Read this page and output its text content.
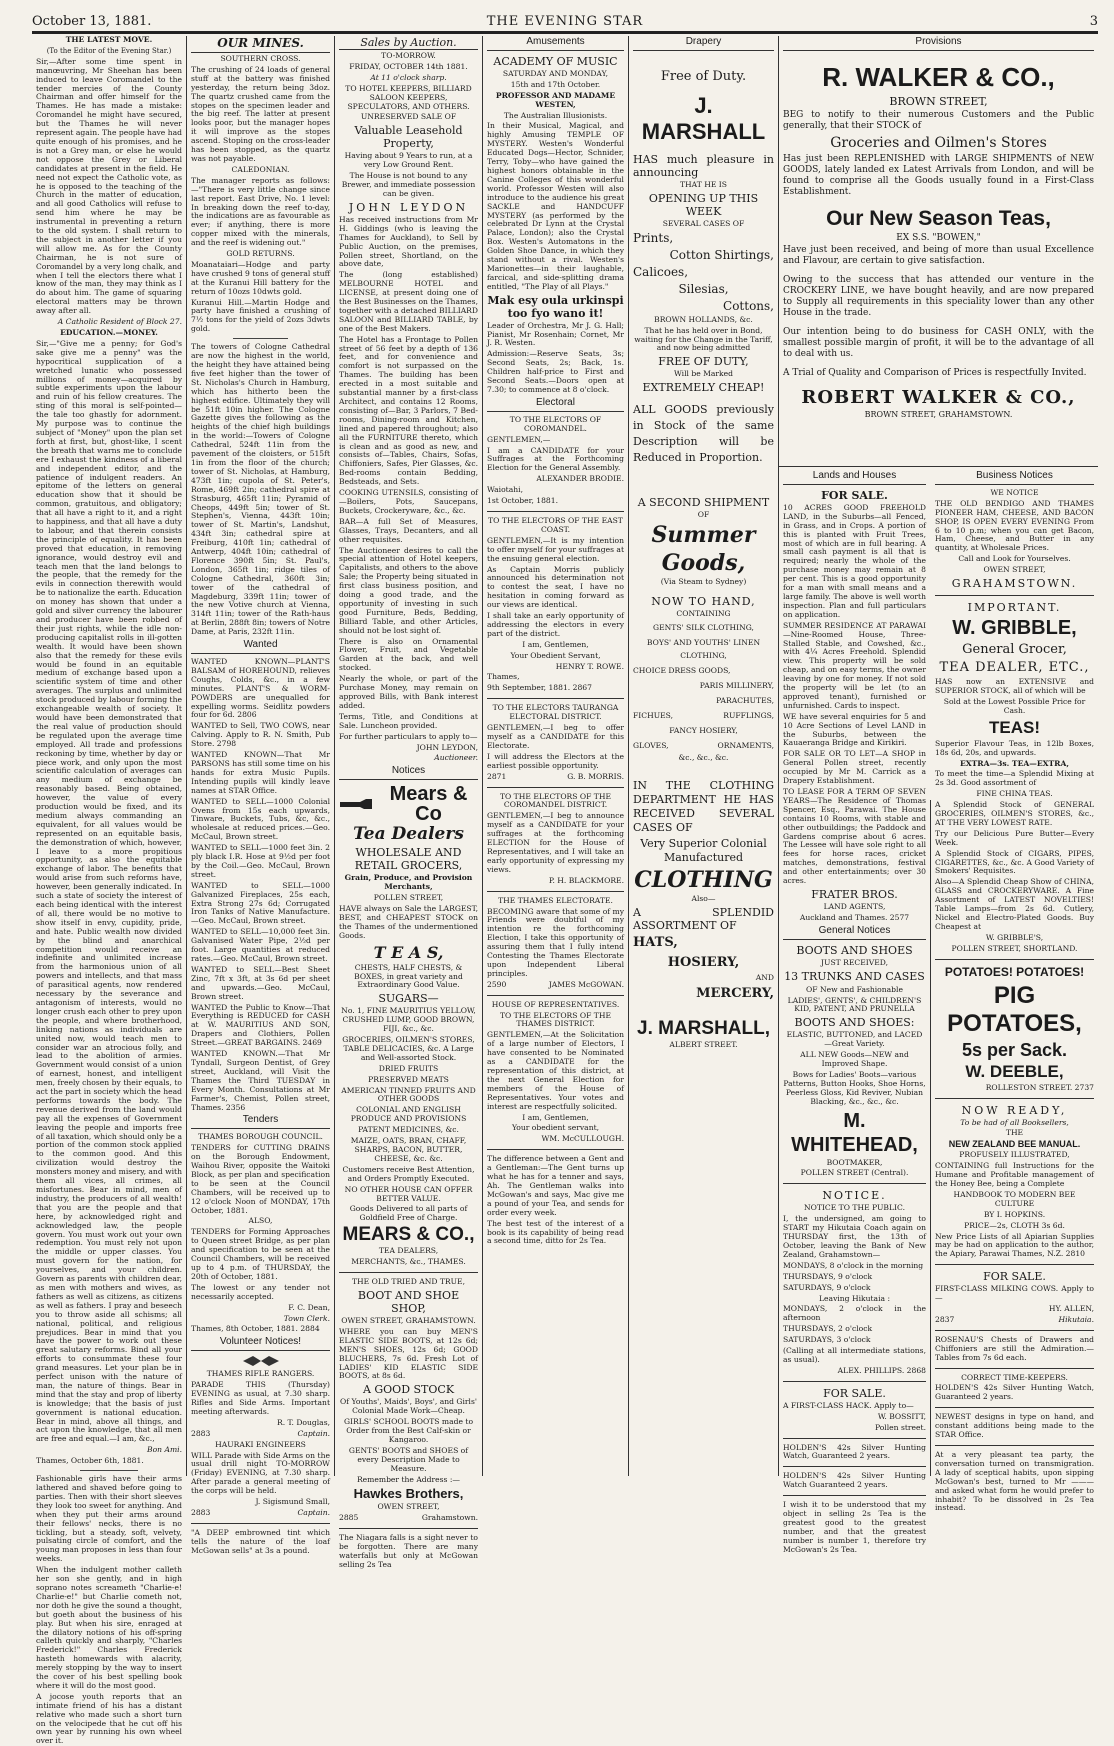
October 13, 1881.	THE EVENING STAR	3

THE LATEST MOVE.

(To the Editor of the Evening Star.)

Sir,—After some time spent in manœuvring, Mr Sheehan has been induced to leave Coromandel to the tender mercies of the County Chairman and offer himself for the Thames. He has made a mistake: Coromandel he might have secured, but the Thames he will never represent again. The people have had quite enough of his promises, and he is not a Grey man, or else he would not oppose the Grey or Liberal candidates at present in the field. He need not expect the Catholic vote, as he is opposed to the teaching of the Church in the matter of education, and all good Catholics will refuse to send him where he may be instrumental in preventing a return to the old system. I shall return to the subject in another letter if you will allow me. As for the County Chairman, he is not sure of Coromandel by a very long chalk, and when I tell the electors there what I know of the man, they may think as I do about him. The game of squaring electoral matters may be thrown away after all.

A Catholic Resident of Block 27.

EDUCATION.—MONEY.

Sir,—"Give me a penny; for God's sake give me a penny" was the hypocritical supplication of a wretched lunatic who possessed millions of money—acquired by subtle experiments upon the labour and ruin of his fellow creatures. The sting of this moral is self-pointed—the tale too ghastly for adornment. My purpose was to continue the subject of "Money" upon the plan set forth at first, but, ghost-like, I scent the breath that warns me to conclude ere I exhaust the kindness of a liberal and independent editor, and the patience of indulgent readers. An epitome of the letters on general education show that it should be common, gratuitous, and obligatory; that all have a right to it, and a right to happiness, and that all have a duty to labour, and that therein consists the principle of equality. It has been proved that education, in removing ignorance, would destroy evil and teach men that the land belongs to the people, that the remedy for the evils in connection therewith would be to nationalize the earth. Education on money has shown that under a gold and silver currency the labourer and producer have been robbed of their just rights, while the idle non-producing capitalist rolls in ill-gotten wealth. It would have been shown also that the remedy for these evils would be found in an equitable medium of exchange based upon a scientific system of time and other averages. The surplus and unlimited stock produced by labour forming the exchangeable wealth of society. It would have been demonstrated that the real value of production should be regulated upon the average time employed. All trade and professions reckoning by time, whether by day or piece work, and only upon the most scientific calculation of averages can any medium of exchange be reasonably based. Being obtained, however, the value of every production would be fixed, and its medium always commanding an equivalent, for all values would be represented on an equitable basis, the demonstration of which, however, I leave to a more propitious opportunity, as also the equitable exchange of labor. The benefits that would arise from such reforms have, however, been generally indicated. In such a state of society the interest of each being identical with the interest of all, there would be no motive to show itself in envy, cupidity, pride, and hate. Public wealth now divided by the blind and anarchical competition would receive an indefinite and unlimited increase from the harmonious union of all powers and intellects, and that mass of parasitical agents, now rendered necessary by the severance and antagonism of interests, would no longer crush each other to prey upon the people, and where brotherhood, linking nations as individuals are united now, would teach men to consider war an atrocious folly, and lead to the abolition of armies. Government would consist of a union of earnest, honest, and intelligent men, freely chosen by their equals, to act the part in society which the head performs towards the body. The revenue derived from the land would pay all the expenses of Government leaving the people and imports free of all taxation, which should only be a portion of the common stock applied to the common good. And this civilization would destroy the monsters money and misery, and with them all vices, all crimes, all misfortunes. Bear in mind, men of industry, the producers of all wealth! that you are the people and that here, by acknowledged right and acknowledged law, the people govern. You must work out your own redemption. You must rely not upon the middle or upper classes. You must govern for the nation, for yourselves, and your children. Govern as parents with children dear, as men with mothers and wives, as fathers as well as citizens, as citizens as well as fathers. I pray and beseech you to throw aside all schisms; all national, political, and religious prejudices. Bear in mind that you have the power to work out these great salutary reforms. Bind all your efforts to consummate these four grand measures. Let your plan be in perfect unison with the nature of man, the nature of things. Bear in mind that the stay and prop of liberty is knowledge; that the basis of just government is national education. Bear in mind, above all things, and act upon the knowledge, that all men are free and equal.—I am, &c.,

Bon Ami.

Thames, October 6th, 1881.

Fashionable girls have their arms lathered and shaved before going to parties. Then with their short sleeves they look too sweet for anything. And when they put their arms around their fellows' necks, there is no tickling, but a steady, soft, velvety, pulsating circle of comfort, and the young man proposes in less than four weeks.

When the indulgent mother calleth her son she gently, and in high soprano notes screameth "Charlie-e! Charlie-e!" but Charlie cometh not, nor doth he give the sound a thought, but goeth about the business of his play. But when his sire, enraged at the dilatory notions of his off-spring calleth quickly and sharply, "Charles Frederick!" Charles Frederick hasteth homewards with alacrity, merely stopping by the way to insert the cover of his best spelling book where it will do the most good.

A jocose youth reports that an intimate friend of his has a distant relative who made such a short turn on the velocipede that he cut off his own year by running his own wheel over it.

OUR MINES.

SOUTHERN CROSS.

The crushing of 24 loads of general stuff at the battery was finished yesterday, the return being 3doz. The quartz crushed came from the stopes on the specimen leader and the big reef. The latter at present looks poor, but the manager hopes it will improve as the stopes ascend. Stoping on the cross-leader has been stopped, as the quartz was not payable.

CALEDONIAN.

The manager reports as follows:—"There is very little change since last report. East Drive, No. 1 level: In breaking down the reef to-day, the indications are as favourable as ever; if anything, there is more copper mixed with the minerals, and the reef is widening out."

GOLD RETURNS.

Moanataiari—Hodge and party have crushed 9 tons of general stuff at the Kuranui Hill battery for the return of 10ozs 10dwts gold.

Kuranui Hill.—Martin Hodge and party have finished a crushing of 7½ tons for the yield of 2ozs 3dwts gold.

The towers of Cologne Cathedral are now the highest in the world, the height they have attained being five feet higher than the tower of St. Nicholas's Church in Hamburg, which has hitherto been the highest edifice. Ultimately they will be 51ft 10in higher. The Cologne Gazette gives the following as the heights of the chief high buildings in the world:—Towers of Cologne Cathedral, 524ft 11in from the pavement of the cloisters, or 515ft 1in from the floor of the church; tower of St. Nicholas, at Hamburg, 473ft 1in; cupola of St. Peter's, Rome, 469ft 2in; cathedral spire at Strasburg, 465ft 11in; Pyramid of Cheops, 449ft 5in; tower of St. Stephen's, Vienna, 443ft 10in; tower of St. Martin's, Landshut, 434ft 3in; cathedral spire at Freiburg, 410ft 1in; cathedral of Antwerp, 404ft 10in; cathedral of Florence 390ft 5in; St. Paul's, London, 365ft 1in; ridge tiles of Cologne Cathedral, 360ft 3in; tower of the cathedral of Magdeburg, 339ft 11in; tower of the new Votive church at Vienna, 314ft 11in; tower of the Rath-haus at Berlin, 288ft 8in; towers of Notre Dame, at Paris, 232ft 11in.

Wanted

WANTED KNOWN—PLANT'S BALSAM of HOREHOUND, relieves Coughs, Colds, &c., in a few minutes. PLANT'S & WORM-POWDERS are unequalled for expelling worms. Seidlitz powders four for 6d. 2806

WANTED to Sell, TWO COWS, near Calving. Apply to R. N. Smith, Pub Store. 2798

WANTED KNOWN—That Mr PARSONS has still some time on his hands for extra Music Pupils. Intending pupils will kindly leave names at STAR Office.

WANTED to SELL—1000 Colonial Ovens from 15s each upwards, Tinware, Buckets, Tubs, &c, &c., wholesale at reduced prices.—Geo. McCaul, Brown street.

WANTED to SELL—1000 feet 3in. 2 ply black I.R. Hose at 9½d per foot by the Coil.—Geo. McCaul, Brown street.

WANTED to SELL—1000 Galvanized Fireplaces, 25s each, Extra Strong 27s 6d; Corrugated Iron Tanks of Native Manufacture.—Geo. McCaul, Brown street.

WANTED to SELL—10,000 feet 3in. Galvanised Water Pipe, 2½d per foot. Large quantities at reduced rates.—Geo. McCaul, Brown street.

WANTED to SELL—Best Sheet Zinc, 7ft x 3ft, at 3s 6d per sheet and upwards.—Geo. McCaul, Brown street.

WANTED the Public to Know—That Everything is REDUCED for CASH at W. MAURITIUS AND SON, Drapers and Clothiers, Pollen Street.—GREAT BARGAINS. 2469

WANTED KNOWN.—That Mr Tyndall, Surgeon Dentist, of Grey street, Auckland, will Visit the Thames the Third TUESDAY in Every Month. Consultations at Mr Farmer's, Chemist, Pollen street, Thames. 2356

Tenders

THAMES BOROUGH COUNCIL.

TENDERS for CUTTING DRAINS on the Borough Endowment, Waihou River, opposite the Waitoki Block, as per plan and specification to be seen at the Council Chambers, will be received up to 12 o'clock Noon of MONDAY, 17th October, 1881.

ALSO,

TENDERS for Forming Approaches to Queen street Bridge, as per plan and specification to be seen at the Council Chambers, will be received up to 4 p.m. of THURSDAY, the 20th of October, 1881.

The lowest or any tender not necessarily accepted.

F. C. Dean,

Town Clerk.

Thames, 8th October, 1881. 2884

Volunteer Notices!

THAMES RIFLE RANGERS.

PARADE THIS (Thursday) EVENING as usual, at 7.30 sharp. Rifles and Side Arms. Important meeting afterwards.

R. T. Douglas,

2883	Captain.

HAURAKI ENGINEERS

WILL Parade with Side Arms on the usual drill night TO-MORROW (Friday) EVENING, at 7.30 sharp. After parade a general meeting of the corps will be held.

J. Sigismund Small,

2883	Captain.

"A DEEP embrowned tint which tells the nature of the loaf McGowan sells" at 3s a pound.

Sales by Auction.

TO-MORROW.

FRIDAY, OCTOBER 14th 1881.

At 11 o'clock sharp.

TO HOTEL KEEPERS, BILLIARD SALOON KEEPERS, SPECULATORS, AND OTHERS.

UNRESERVED SALE OF

Valuable Leasehold Property,

Having about 9 Years to run, at a very Low Ground Rent.

The House is not bound to any Brewer, and immediate possession can be given.

JOHN LEYDON

Has received instructions from Mr H. Giddings (who is leaving the Thames for Auckland), to Sell by Public Auction, on the premises, Pollen street, Shortland, on the above date,

The (long established) MELBOURNE HOTEL and LICENSE, at present doing one of the Best Businesses on the Thames, together with a detached BILLIARD SALOON and BILLIARD TABLE, by one of the Best Makers.

The Hotel has a Frontage to Pollen street of 56 feet by a depth of 136 feet, and for convenience and comfort is not surpassed on the Thames. The building has been erected in a most suitable and substantial manner by a first-class Architect, and contains 12 Rooms, consisting of—Bar, 3 Parlors, 7 Bed-rooms, Dining-room and Kitchen, lined and papered throughout; also all the FURNITURE thereto, which is clean and as good as new, and consists of—Tables, Chairs, Sofas, Chiffoniers, Safes, Pier Glasses, &c. Bed-rooms contain Bedding, Bedsteads, and Sets.

COOKING UTENSILS, consisting of—Boilers, Pots, Saucepans, Buckets, Crockeryware, &c., &c.

BAR—A full Set of Measures, Glasses, Trays, Decanters, and all other requisites.

The Auctioneer desires to call the special attention of Hotel keepers, Capitalists, and others to the above Sale; the Property being situated in first class business position, and doing a good trade, and the opportunity of investing in such good Furniture, Beds, Bedding, Billiard Table, and other Articles, should not be lost sight of.

There is also on Ornamental Flower, Fruit, and Vegetable Garden at the back, and well stocked.

Nearly the whole, or part of the Purchase Money, may remain on approved Bills, with Bank interest added.

Terms, Title, and Conditions at Sale. Luncheon provided.

For further particulars to apply to—

JOHN LEYDON,

Auctioneer.

Notices
Mears & Co

Tea Dealers

WHOLESALE AND RETAIL GROCERS,

Grain, Produce, and Provision Merchants,

POLLEN STREET,

HAVE always on Sale the LARGEST, BEST, and CHEAPEST STOCK on the Thames of the undermentioned Goods.

T E A S,

CHESTS, HALF CHESTS, & BOXES, in great variety and Extraordinary Good Value.

SUGARS—

No. 1, FINE MAURITIUS YELLOW, CRUSHED LUMP, GOOD BROWN, FIJI, &c., &c.

GROCERIES, OILMEN'S STORES, TABLE DELICACIES, &c. A Large and Well-assorted Stock.

DRIED FRUITS

PRESERVED MEATS

AMERICAN TINNED FRUITS AND OTHER GOODS

COLONIAL AND ENGLISH PRODUCE AND PROVISIONS

PATENT MEDICINES, &c.

MAIZE, OATS, BRAN, CHAFF, SHARPS, BACON, BUTTER, CHEESE, &c. &c.

Customers receive Best Attention, and Orders Promptly Executed.

NO OTHER HOUSE CAN OFFER BETTER VALUE.

Goods Delivered to all parts of Goldfield Free of Charge.

MEARS & CO.,

TEA DEALERS,

MERCHANTS, &c., THAMES.

THE OLD TRIED AND TRUE,

BOOT AND SHOE SHOP,

OWEN STREET, GRAHAMSTOWN.

WHERE you can buy MEN'S ELASTIC SIDE BOOTS, at 12s 6d; MEN'S SHOES, 12s 6d; GOOD BLUCHERS, 7s 6d. Fresh Lot of LADIES' KID ELASTIC SIDE BOOTS, at 8s 6d.

A GOOD STOCK

Of Youths', Maids', Boys', and Girls' Colonial Made Work—Cheap.

GIRLS' SCHOOL BOOTS made to Order from the Best Calf-skin or Kangaroo.

GENTS' BOOTS and SHOES of every Description Made to Measure.

Remember the Address :—

Hawkes Brothers,

OWEN STREET,

2885	Grahamstown.

The Niagara falls is a sight never to be forgotten. There are many waterfalls but only at McGowan selling 2s Tea

Amusements

ACADEMY OF MUSIC

SATURDAY AND MONDAY,

15th and 17th October.

PROFESSOR AND MADAME WESTEN,

The Australian Illusionists.

In their Musical, Magical, and highly Amusing TEMPLE OF MYSTERY. Westen's Wonderful Educated Dogs—Hector, Schnider, Terry, Toby—who have gained the highest honors obtainable in the Canine Colleges of this wonderful world. Professor Westen will also introduce to the audience his great SACKLE and HANDCUFF MYSTERY (as performed by the celebrated Dr Lynn at the Crystal Palace, London); also the Crystal Box. Westen's Automatons in the Golden Shoe Dance, in which they stand without a rival. Westen's Marionettes—in their laughable, farcical, and side-splitting drama entitled, "The Play of all Plays."

Mak esy oula urkinspi too fyo wano it!

Leader of Orchestra, Mr J. G. Hall; Pianist, Mr Rosenhain; Cornet, Mr J. R. Westen.

Admission:—Reserve Seats, 3s; Second Seats, 2s; Back, 1s. Children half-price to First and Second Seats.—Doors open at 7.30; to commence at 8 o'clock.

Electoral

TO THE ELECTORS OF COROMANDEL.

GENTLEMEN,—

I am a CANDIDATE for your Suffrages at the Forthcoming Election for the General Assembly.

ALEXANDER BRODIE.

Waiotahi,

1st October, 1881.

TO THE ELECTORS OF THE EAST COAST.

GENTLEMEN,—It is my intention to offer myself for your suffrages at the ensuing general election.

As Captain Morris publicly announced his determination not to contest the seat, I have no hesitation in coming forward as our views are identical.

I shall take an early opportunity of addressing the electors in every part of the district.

I am, Gentlemen,

Your Obedient Servant,

HENRY T. ROWE.

Thames,

9th September, 1881. 2867

TO THE ELECTORS TAURANGA ELECTORAL DISTRICT.

GENTLEMEN,—I beg to offer myself as a CANDIDATE for this Electorate.

I will address the Electors at the earliest possible opportunity.

2871	G. B. MORRIS.

TO THE ELECTORS OF THE COROMANDEL DISTRICT.

GENTLEMEN,—I beg to announce myself as a CANDIDATE for your suffrages at the forthcoming ELECTION for the House of Representatives, and I will take an early opportunity of expressing my views.

P. H. BLACKMORE.

THE THAMES ELECTORATE.

BECOMING aware that some of my Friends were doubtful of my intention re the forthcoming Election, I take this opportunity of assuring them that I fully intend Contesting the Thames Electorate upon Independent Liberal principles.

2590	JAMES McGOWAN.

HOUSE OF REPRESENTATIVES.

TO THE ELECTORS OF THE THAMES DISTRICT.

GENTLEMEN,—At the Solicitation of a large number of Electors, I have consented to be Nominated as a CANDIDATE for the representation of this district, at the next General Election for members of the House of Representatives. Your votes and interest are respectfully solicited.

I am, Gentlemen,

Your obedient servant,

WM. McCULLOUGH.

The difference between a Gent and a Gentleman:—The Gent turns up what he has for a tenner and says, Ah. The Gentleman walks into McGowan's and says, Mac give me a pound of your Tea, and sends for order every week.

The best test of the interest of a book is its capability of being read a second time, ditto for 2s Tea.

Drapery

Free of Duty.

J. MARSHALL

HAS much pleasure in announcing

THAT HE IS

OPENING UP THIS WEEK

SEVERAL CASES OF

Prints,

Cotton Shirtings,

Calicoes,

Silesias,

Cottons,

BROWN HOLLANDS, &c.

That he has held over in Bond, waiting for the Change in the Tariff, and now being admitted

FREE OF DUTY,

Will be Marked

EXTREMELY CHEAP!

ALL GOODS previously in Stock of the same Description will be Reduced in Proportion.

A SECOND SHIPMENT

OF

Summer

Goods,

(Via Steam to Sydney)

NOW TO HAND,

CONTAINING

GENTS' SILK CLOTHING,

BOYS' AND YOUTHS' LINEN CLOTHING,

CHOICE DRESS GOODS,

PARIS MILLINERY,

PARACHUTES,

FICHUES,	RUFFLINGS,

FANCY HOSIERY,

GLOVES,	ORNAMENTS,

&c., &c., &c.

IN THE CLOTHING DEPARTMENT HE HAS RECEIVED SEVERAL CASES OF

Very Superior Colonial Manufactured

CLOTHING

Also—

A SPLENDID ASSORTMENT OF

HATS,

HOSIERY,

AND

MERCERY,

J. MARSHALL,

ALBERT STREET.

Provisions

R. WALKER & CO.,

BROWN STREET,

BEG to notify to their numerous Customers and the Public generally, that their STOCK of

Groceries and Oilmen's Stores

Has just been REPLENISHED with LARGE SHIPMENTS of NEW GOODS, lately landed ex Latest Arrivals from London, and will be found to comprise all the Goods usually found in a First-Class Establishment.

Our New Season Teas,

EX S.S. "BOWEN,"

Have just been received, and being of more than usual Excellence and Flavour, are certain to give satisfaction.

Owing to the success that has attended our venture in the CROCKERY LINE, we have bought heavily, and are now prepared to Supply all requirements in this speciality lower than any other House in the trade.

Our intention being to do business for CASH ONLY, with the smallest possible margin of profit, it will be to the advantage of all to deal with us.

A Trial of Quality and Comparison of Prices is respectfully Invited.

ROBERT WALKER & CO.,

BROWN STREET, GRAHAMSTOWN.

Lands and Houses

FOR SALE.

10 ACRES GOOD FREEHOLD LAND, in the Suburbs—all Fenced, in Grass, and in Crops. A portion of this is planted with Fruit Trees, most of which are in full bearing. A small cash payment is all that is required; nearly the whole of the purchase money may remain at 8 per cent. This is a good opportunity for a man with small means and a large family. The above is well worth inspection. Plan and full particulars on application.

SUMMER RESIDENCE AT PARAWAI—Nine-Roomed House, Three-Stalled Stable, and Cowshed, &c., with 4¼ Acres Freehold. Splendid view. This property will be sold cheap, and on easy terms, the owner leaving by one for money. If not sold the property will be let (to an approved tenant), furnished or unfurnished. Cards to inspect.

WE have several enquiries for 5 and 10 Acre Sections of Level LAND in the Suburbs, between the Kauaeranga Bridge and Kirikiri.

FOR SALE OR TO LET—A SHOP in General Pollen street, recently occupied by Mr M. Carrick as a Drapery Establishment.

TO LEASE FOR A TERM OF SEVEN YEARS—The Residence of Thomas Spencer, Esq., Parawai. The House contains 10 Rooms, with stable and other outbuildings; the Paddock and Gardens comprise about 6 acres. The Lessee will have sole right to all fees for horse races, cricket matches, demonstrations, festival and other entertainments; over 30 acres.

FRATER BROS.

LAND AGENTS,

Auckland and Thames. 2577

General Notices

BOOTS AND SHOES

JUST RECEIVED,

13 TRUNKS AND CASES

OF New and Fashionable

LADIES', GENTS', & CHILDREN'S KID, PATENT, AND PRUNELLA

BOOTS AND SHOES:

ELASTIC, BUTTONED, and LACED—Great Variety.

ALL NEW Goods—NEW and Improved Shape.

Bows for Ladies' Boots—various Patterns, Button Hooks, Shoe Horns, Peerless Gloss, Kid Reviver, Nubian Blacking, &c., &c., &c.

M. WHITEHEAD,

BOOTMAKER,

POLLEN STREET (Central).

NOTICE.

NOTICE TO THE PUBLIC.

I, the undersigned, am going to START my Hikutaia Coach again on THURSDAY first, the 13th of October, leaving the Bank of New Zealand, Grahamstown—

MONDAYS, 8 o'clock in the morning

THURSDAYS, 9 o'clock

SATURDAYS, 9 o'clock

Leaving Hikutaia :

MONDAYS, 2 o'clock in the afternoon

THURSDAYS, 2 o'clock

SATURDAYS, 3 o'clock

(Calling at all intermediate stations, as usual).

ALEX. PHILLIPS. 2868

FOR SALE.

A FIRST-CLASS HACK. Apply to—

W. BOSSITT,

Pollen street.

HOLDEN'S 42s Silver Hunting Watch, Guaranteed 2 years.

HOLDEN'S 42s Silver Hunting Watch Guaranteed 2 years.

I wish it to be understood that my object in selling 2s Tea is the greatest good to the greatest number, and that the greatest number is number 1, therefore try McGowan's 2s Tea.

Business Notices

WE NOTICE

THE OLD BENDIGO AND THAMES PIONEER HAM, CHEESE, AND BACON SHOP, IS OPEN EVERY EVENING From 6 to 10 p.m; when you can get Bacon, Ham, Cheese, and Butter in any quantity, at Wholesale Prices.

Call and Look for Yourselves.

OWEN STREET,

GRAHAMSTOWN.

IMPORTANT.

W. GRIBBLE,

General Grocer,

TEA DEALER, ETC.,

HAS now an EXTENSIVE and SUPERIOR STOCK, all of which will be

Sold at the Lowest Possible Price for Cash.

TEAS!

Superior Flavour Teas, in 12lb Boxes, 18s 6d, 20s, and upwards.

EXTRA—3s. TEA—EXTRA,

To meet the time—a Splendid Mixing at 2s 3d. Good assortment of

FINE CHINA TEAS.

A Splendid Stock of GENERAL GROCERIES, OILMEN'S STORES, &c., AT THE VERY LOWEST RATE.

Try our Delicious Pure Butter—Every Week.

A Splendid Stock of CIGARS, PIPES, CIGARETTES, &c., &c. A Good Variety of Smokers' Requisites.

Also—A Splendid Cheap Show of CHINA, GLASS and CROCKERYWARE. A Fine Assortment of LATEST NOVELTIES! Table Lamps—from 2s 6d. Cutlery, Nickel and Electro-Plated Goods. Buy Cheapest at

W. GRIBBLE'S,

POLLEN STREET, SHORTLAND.

POTATOES! POTATOES!

PIG POTATOES,

5s per Sack.

W. DEEBLE,

ROLLESTON STREET. 2737

NOW READY,

To be had of all Booksellers,

THE

NEW ZEALAND BEE MANUAL.

PROFUSELY ILLUSTRATED,

CONTAINING full Instructions for the Humane and Profitable management of the Honey Bee, being a Complete

HANDBOOK TO MODERN BEE CULTURE

BY I. HOPKINS.

PRICE—2s, CLOTH 3s 6d.

New Price Lists of all Apiarian Supplies may be had on application to the author, the Apiary, Parawai Thames, N.Z. 2810

FOR SALE.

FIRST-CLASS MILKING COWS. Apply to—

HY. ALLEN,

2837	Hikutaia.

ROSENAU'S Chests of Drawers and Chiffoniers are still the Admiration.—Tables from 7s 6d each.

CORRECT TIME-KEEPERS.

HOLDEN'S 42s Silver Hunting Watch, Guaranteed 2 years.

NEWEST designs in type on hand, and constant additions being made to the STAR Office.

At a very pleasant tea party, the conversation turned on transmigration. A lady of sceptical habits, upon sipping McGowan's best, turned to Mr ——— and asked what form he would prefer to inhabit? To be dissolved in 2s Tea instead.
